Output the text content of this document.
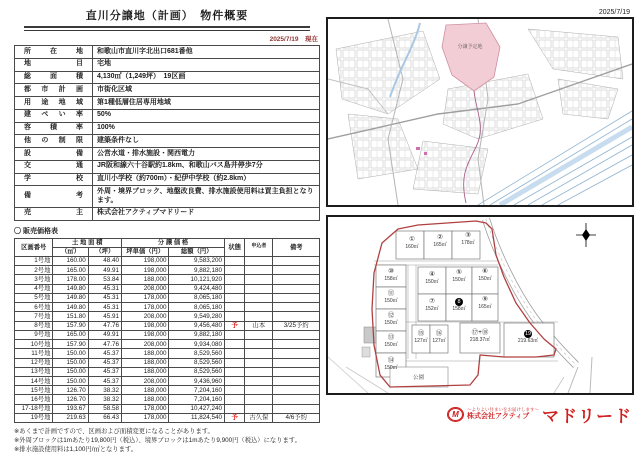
2025/7/19
直川分譲地（計画）　物件概要
2025/7/19　現在
所在地	和歌山市直川字北出口681番他
地目	宅地
総面積	4,130㎡（1,249坪）　19区画
都市計画	市街化区域
用途地域	第1種低層住居専用地域
建ぺい率	50%
容積率	100%
他の制限	建築条件なし
設備	公営水道・排水施設・関西電力
交通	JR阪和線六十谷駅約1.8km、和歌山バス島井停歩7分
学校	直川小学校（約700m）・紀伊中学校（約2.8km）
備考	外周・境界ブロック、地盤改良費、排水施設使用料は買主負担となります。
売主	株式会社アクティブマドリード
〇 販売価格表
区画番号	土 地 面 積		分 譲 価 格		状態	申込者	備考
	（㎡）	（坪）	坪単価（円）	総額（円）			
1号地	160.00	48.40	198,000	9,583,200			
2号地	165.00	49.91	198,000	9,882,180			
3号地	178.00	53.84	188,000	10,121,920			
4号地	149.80	45.31	208,000	9,424,480			
5号地	149.80	45.31	178,000	8,065,180			
6号地	149.80	45.31	178,000	8,065,180			
7号地	151.80	45.91	208,000	9,549,280			
8号地	157.90	47.76	198,000	9,456,480	予	山本	3/25予約
9号地	165.00	49.91	198,000	9,882,180			
10号地	157.90	47.76	208,000	9,934,080			
11号地	150.00	45.37	188,000	8,529,560			
12号地	150.00	45.37	188,000	8,529,560			
13号地	150.00	45.37	188,000	8,529,560			
14号地	150.00	45.37	208,000	9,436,960			
15号地	126.70	38.32	188,000	7,204,160			
16号地	126.70	38.32	188,000	7,204,160			
17-18号地	193.67	58.58	178,000	10,427,240			
19号地	219.63	66.43	178,000	11,824,540	予	古久保	4/6予約
※あくまで計画ですので、区画および面積変更になることがあります。
※外周ブロックは1mあたり19,800円（税込）、境界ブロックは1mあたり9,900円（税込）になります。
※排水施設使用料は1,100円/㎡となります。
分譲予定地
①
160㎡
②
165㎡
③
178㎡
④
150㎡
⑤
150㎡
⑥
150㎡
⑦
152㎡
8
158㎡
⑨
165㎡
⑩
158㎡
⑪
150㎡
⑫
150㎡
⑬
150㎡
⑭
150㎡
⑮
127㎡
⑯
127㎡
⑰+⑱
218.37㎡
19
219.63㎡
公園
M
～よりよい住まいをお届けします～
株式会社アクティブ マドリード
